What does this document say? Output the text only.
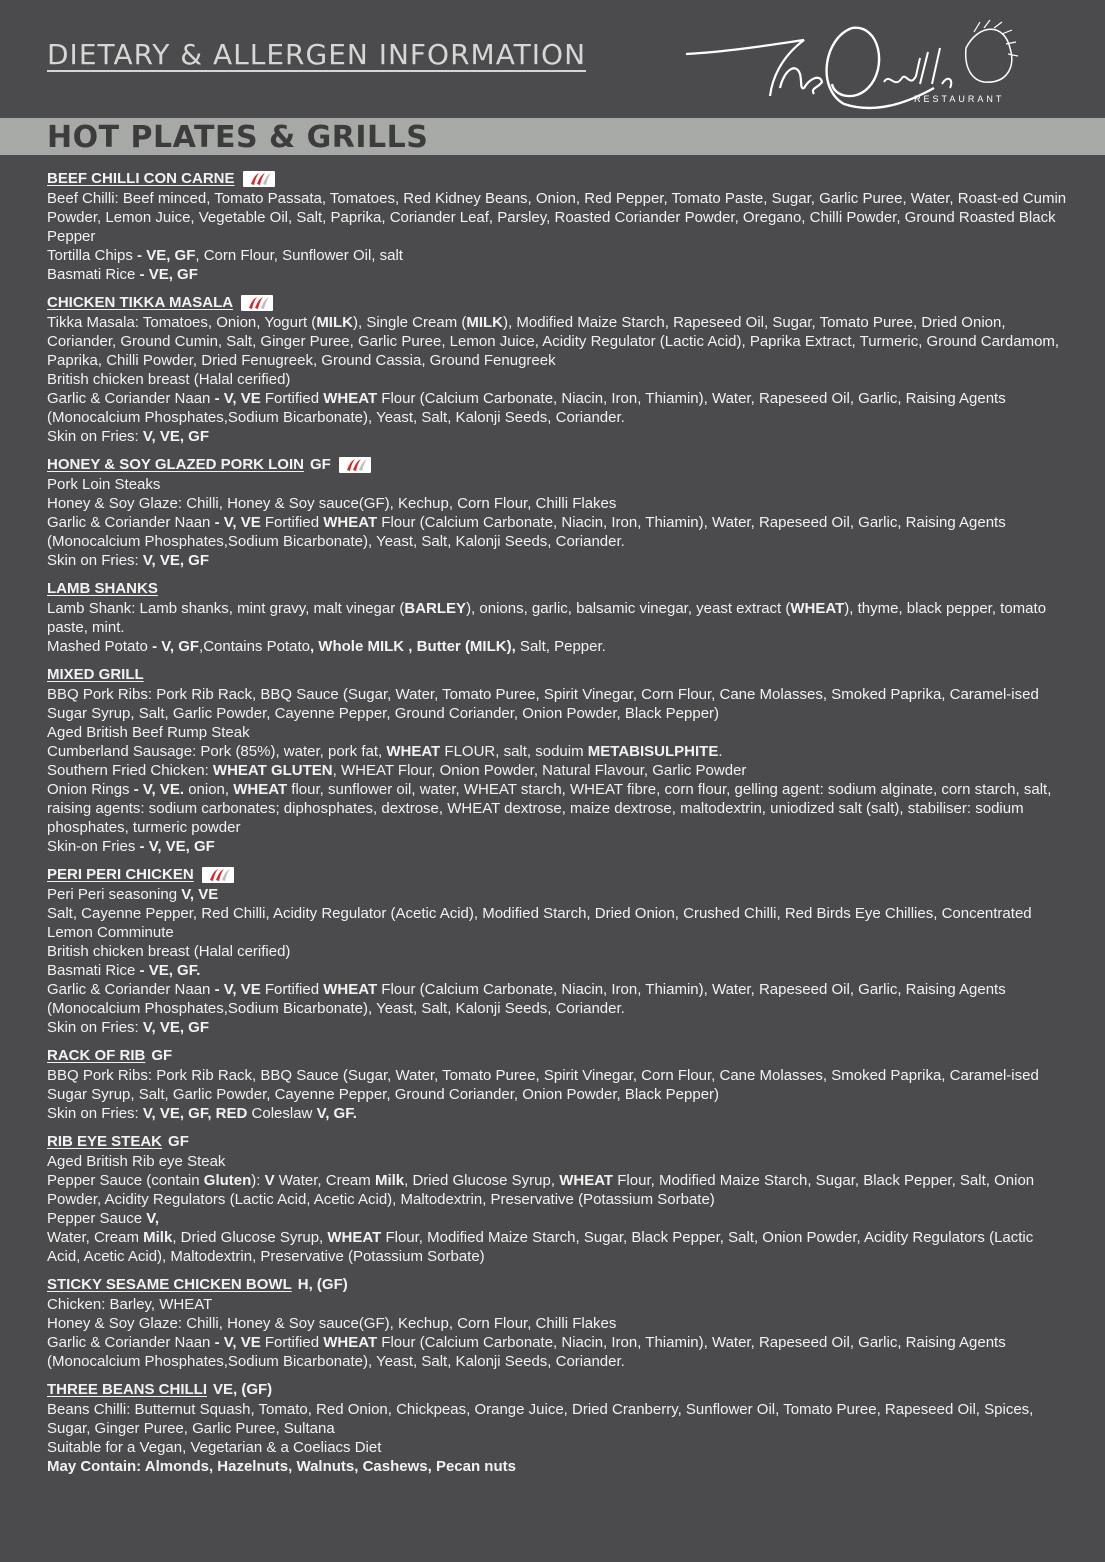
DIETARY & ALLERGEN INFORMATION
RESTAURANT
HOT PLATES & GRILLS
BEEF CHILLI CON CARNE
Beef Chilli: Beef minced, Tomato Passata, Tomatoes, Red Kidney Beans, Onion, Red Pepper, Tomato Paste, Sugar, Garlic Puree, Water, Roast-ed Cumin Powder, Lemon Juice, Vegetable Oil, Salt, Paprika, Coriander Leaf, Parsley, Roasted Coriander Powder, Oregano, Chilli Powder, Ground Roasted Black Pepper
Tortilla Chips - VE, GF, Corn Flour, Sunflower Oil, salt
Basmati Rice - VE, GF
CHICKEN TIKKA MASALA
Tikka Masala: Tomatoes, Onion, Yogurt (MILK), Single Cream (MILK), Modified Maize Starch, Rapeseed Oil, Sugar, Tomato Puree, Dried Onion, Coriander, Ground Cumin, Salt, Ginger Puree, Garlic Puree, Lemon Juice, Acidity Regulator (Lactic Acid), Paprika Extract, Turmeric, Ground Cardamom, Paprika, Chilli Powder, Dried Fenugreek, Ground Cassia, Ground Fenugreek
British chicken breast (Halal cerified)
Garlic & Coriander Naan - V, VE Fortified WHEAT Flour (Calcium Carbonate, Niacin, Iron, Thiamin), Water, Rapeseed Oil, Garlic, Raising Agents (Monocalcium Phosphates,Sodium Bicarbonate), Yeast, Salt, Kalonji Seeds, Coriander.
Skin on Fries: V, VE, GF
HONEY & SOY GLAZED PORK LOIN GF
Pork Loin Steaks
Honey & Soy Glaze: Chilli, Honey & Soy sauce(GF), Kechup, Corn Flour, Chilli Flakes
Garlic & Coriander Naan - V, VE Fortified WHEAT Flour (Calcium Carbonate, Niacin, Iron, Thiamin), Water, Rapeseed Oil, Garlic, Raising Agents (Monocalcium Phosphates,Sodium Bicarbonate), Yeast, Salt, Kalonji Seeds, Coriander.
Skin on Fries: V, VE, GF
LAMB SHANKS
Lamb Shank: Lamb shanks, mint gravy, malt vinegar (BARLEY), onions, garlic, balsamic vinegar, yeast extract (WHEAT), thyme, black pepper, tomato paste, mint.
Mashed Potato - V, GF,Contains Potato, Whole MILK , Butter (MILK), Salt, Pepper.
MIXED GRILL
BBQ Pork Ribs: Pork Rib Rack, BBQ Sauce (Sugar, Water, Tomato Puree, Spirit Vinegar, Corn Flour, Cane Molasses, Smoked Paprika, Caramel-ised Sugar Syrup, Salt, Garlic Powder, Cayenne Pepper, Ground Coriander, Onion Powder, Black Pepper)
Aged British Beef Rump Steak
Cumberland Sausage: Pork (85%), water, pork fat, WHEAT FLOUR, salt, soduim METABISULPHITE.
Southern Fried Chicken: WHEAT GLUTEN, WHEAT Flour, Onion Powder, Natural Flavour, Garlic Powder
Onion Rings - V, VE. onion, WHEAT flour, sunflower oil, water, WHEAT starch, WHEAT fibre, corn flour, gelling agent: sodium alginate, corn starch, salt, raising agents: sodium carbonates; diphosphates, dextrose, WHEAT dextrose, maize dextrose, maltodextrin, uniodized salt (salt), stabiliser: sodium phosphates, turmeric powder
Skin-on Fries - V, VE, GF
PERI PERI CHICKEN
Peri Peri seasoning V, VE
Salt, Cayenne Pepper, Red Chilli, Acidity Regulator (Acetic Acid), Modified Starch, Dried Onion, Crushed Chilli, Red Birds Eye Chillies, Concentrated Lemon Comminute
British chicken breast (Halal cerified)
Basmati Rice - VE, GF.
Garlic & Coriander Naan - V, VE Fortified WHEAT Flour (Calcium Carbonate, Niacin, Iron, Thiamin), Water, Rapeseed Oil, Garlic, Raising Agents (Monocalcium Phosphates,Sodium Bicarbonate), Yeast, Salt, Kalonji Seeds, Coriander.
Skin on Fries: V, VE, GF
RACK OF RIB GF
BBQ Pork Ribs: Pork Rib Rack, BBQ Sauce (Sugar, Water, Tomato Puree, Spirit Vinegar, Corn Flour, Cane Molasses, Smoked Paprika, Caramel-ised Sugar Syrup, Salt, Garlic Powder, Cayenne Pepper, Ground Coriander, Onion Powder, Black Pepper)
Skin on Fries: V, VE, GF, RED Coleslaw V, GF.
RIB EYE STEAK GF
Aged British Rib eye Steak
Pepper Sauce (contain Gluten): V Water, Cream Milk, Dried Glucose Syrup, WHEAT Flour, Modified Maize Starch, Sugar, Black Pepper, Salt, Onion Powder, Acidity Regulators (Lactic Acid, Acetic Acid), Maltodextrin, Preservative (Potassium Sorbate)
Pepper Sauce V,
Water, Cream Milk, Dried Glucose Syrup, WHEAT Flour, Modified Maize Starch, Sugar, Black Pepper, Salt, Onion Powder, Acidity Regulators (Lactic Acid, Acetic Acid), Maltodextrin, Preservative (Potassium Sorbate)
STICKY SESAME CHICKEN BOWL H, (GF)
Chicken: Barley, WHEAT
Honey & Soy Glaze: Chilli, Honey & Soy sauce(GF), Kechup, Corn Flour, Chilli Flakes
Garlic & Coriander Naan - V, VE Fortified WHEAT Flour (Calcium Carbonate, Niacin, Iron, Thiamin), Water, Rapeseed Oil, Garlic, Raising Agents (Monocalcium Phosphates,Sodium Bicarbonate), Yeast, Salt, Kalonji Seeds, Coriander.
THREE BEANS CHILLI VE, (GF)
Beans Chilli: Butternut Squash, Tomato, Red Onion, Chickpeas, Orange Juice, Dried Cranberry, Sunflower Oil, Tomato Puree, Rapeseed Oil, Spices, Sugar, Ginger Puree, Garlic Puree, Sultana
Suitable for a Vegan, Vegetarian & a Coeliacs Diet
May Contain: Almonds, Hazelnuts, Walnuts, Cashews, Pecan nuts
